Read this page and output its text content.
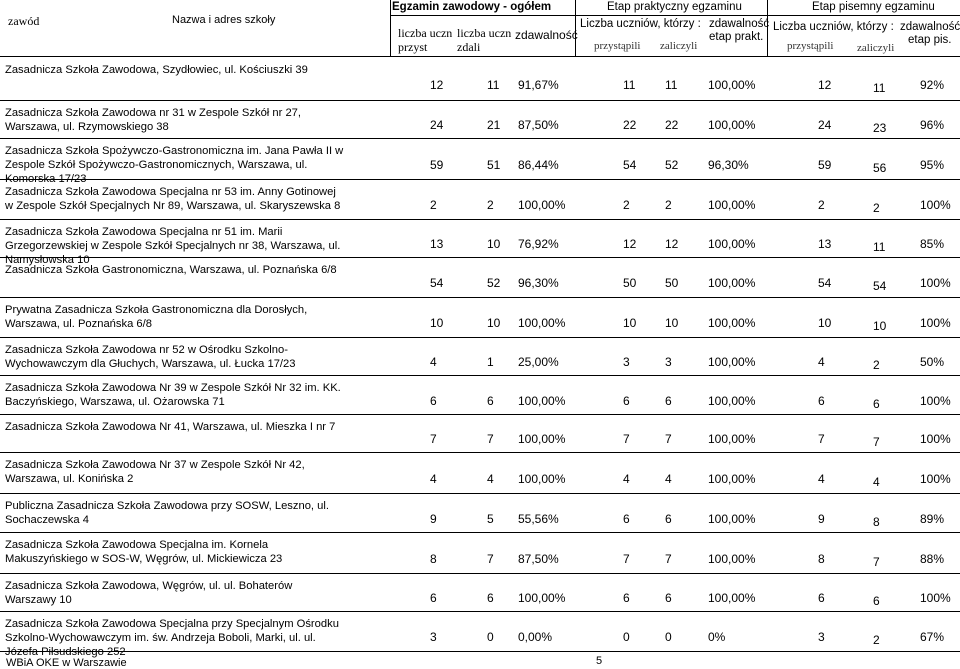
zawód	Nazwa i adres szkoły
Egzamin zawodowy - ogółem
liczba uczn
przyst
liczba uczn
zdali
zdawalność
Etap praktyczny egzaminu
Liczba uczniów, którzy :
przystąpili zaliczyli
zdawalność
etap prakt.
Etap pisemny egzaminu
Liczba uczniów, którzy :
przystąpili zaliczyli
zdawalność
etap pis.
Zasadnicza Szkoła Zawodowa, Szydłowiec, ul. Kościuszki 39
12	11 91,67%	11 11	100,00%	12	11	92%
Zasadnicza Szkoła Zawodowa nr 31 w Zespole Szkół nr 27, Warszawa, ul. Rzymowskiego 38	24	21 87,50%	22 22 100,00%	24	23	96%
Zasadnicza Szkoła Spożywczo-Gastronomiczna im. Jana Pawła II w Zespole Szkół Spożywczo-Gastronomicznych, Warszawa, ul. Komorska 17/23
59	51 86,44%	54 52 96,30%	59	56	95%
Zasadnicza Szkoła Zawodowa Specjalna nr 53 im. Anny Gotinowej w Zespole Szkół Specjalnych Nr 89, Warszawa, ul. Skaryszewska 8	2	2 100,00%	2	2	100,00%	2	2	100%
Zasadnicza Szkoła Zawodowa Specjalna nr 51 im. Marii Grzegorzewskiej w Zespole Szkół Specjalnych nr 38, Warszawa, ul. Namysłowska 10
13	10 76,92%	12 12 100,00%	13	11	85%
Zasadnicza Szkoła Gastronomiczna, Warszawa, ul. Poznańska 6/8
54	52 96,30%	50 50 100,00%	54	54	100%
Prywatna Zasadnicza Szkoła Gastronomiczna dla Dorosłych, Warszawa, ul. Poznańska 6/8	10	10 100,00%	10 10 100,00%	10	10	100%
Zasadnicza Szkoła Zawodowa nr 52 w Ośrodku Szkolno-Wychowawczym dla Głuchych, Warszawa, ul. Łucka 17/23	4	1 25,00%	3	3	100,00%	4	2	50%
Zasadnicza Szkoła Zawodowa Nr 39 w Zespole Szkół Nr 32 im. KK. Baczyńskiego, Warszawa, ul. Ożarowska 71	6	6 100,00%	6	6	100,00%	6	6	100%
Zasadnicza Szkoła Zawodowa Nr 41, Warszawa, ul. Mieszka I nr 7
7	7 100,00%	7	7	100,00%	7	7	100%
Zasadnicza Szkoła Zawodowa Nr 37 w Zespole Szkół Nr 42, Warszawa, ul. Konińska 2	4	4 100,00%	4	4	100,00%	4	4	100%
Publiczna Zasadnicza Szkoła Zawodowa przy SOSW, Leszno, ul. Sochaczewska 4	9	5 55,56%	6	6	100,00%	9	8	89%
Zasadnicza Szkoła Zawodowa Specjalna im. Kornela Makuszyńskiego w SOS-W, Węgrów, ul. Mickiewicza 23	8	7 87,50%	7	7	100,00%	8	7	88%
Zasadnicza Szkoła Zawodowa, Węgrów, ul. ul. Bohaterów Warszawy 10	6	6 100,00%	6	6	100,00%	6	6	100%
Zasadnicza Szkoła Zawodowa Specjalna przy Specjalnym Ośrodku Szkolno-Wychowawczym im. św. Andrzeja Boboli, Marki, ul. ul. Józefa Piłsudskiego 252
3	0 0,00%	0	0	0%	3	2	67%
WBiA OKE w Warszawie	5
